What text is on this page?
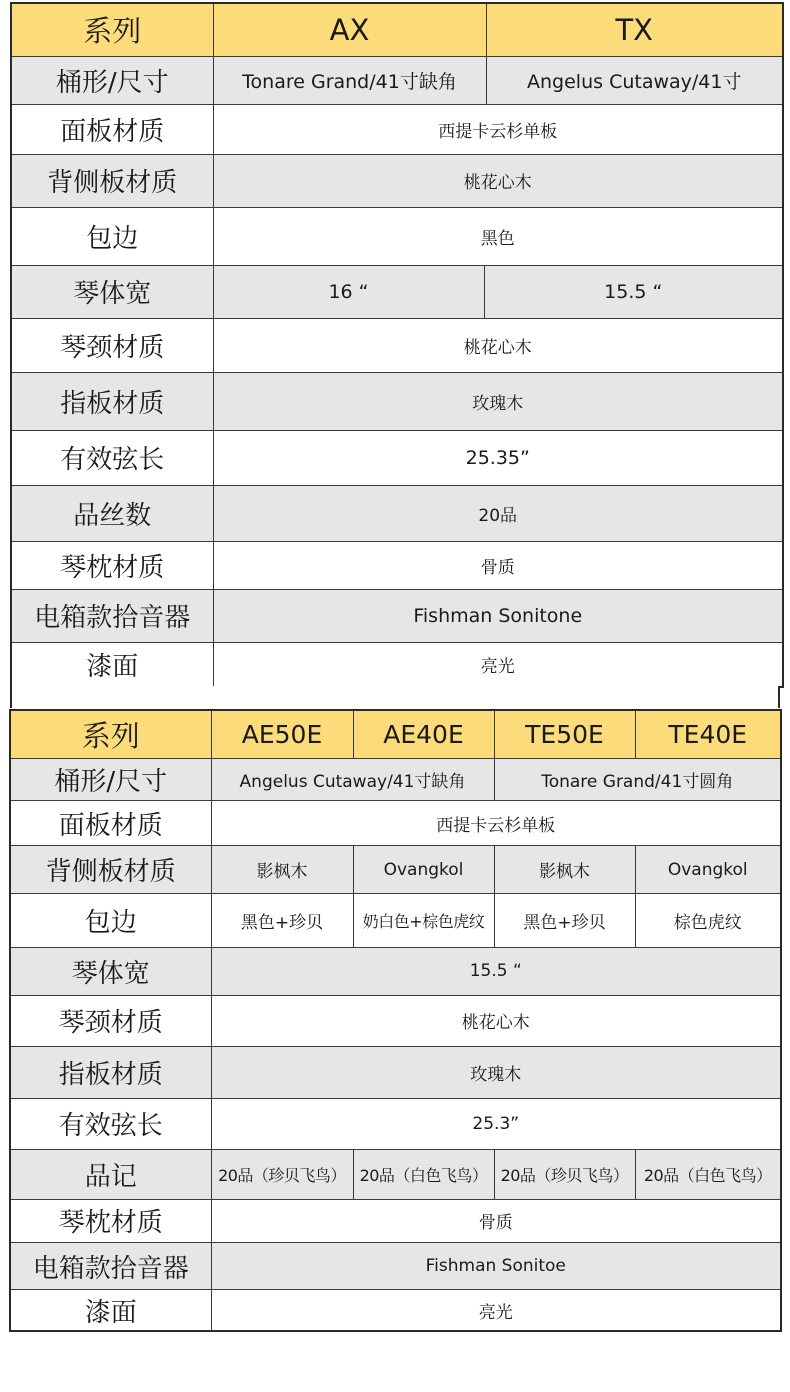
系列	AX		TX
桶形/尺寸	Tonare Grand/41寸缺角		Angelus Cutaway/41寸
面板材质	西提卡云杉单板		
背侧板材质	桃花心木		
包边	黑色		
琴体宽	16 “	15.5 “	
琴颈材质	桃花心木		
指板材质	玫瑰木		
有效弦长	25.35”		
品丝数	20品		
琴枕材质	骨质		
电箱款拾音器	Fishman Sonitone		
漆面	亮光		
系列	AE50E	AE40E	TE50E	TE40E
桶形/尺寸	Angelus Cutaway/41寸缺角		Tonare Grand/41寸圆角	
面板材质	西提卡云杉单板			
背侧板材质	影枫木	Ovangkol	影枫木	Ovangkol
包边	黑色+珍贝	奶白色+棕色虎纹	黑色+珍贝	棕色虎纹
琴体宽	15.5 “			
琴颈材质	桃花心木			
指板材质	玫瑰木			
有效弦长	25.3”			
品记	20品（珍贝飞鸟）	20品（白色飞鸟）	20品（珍贝飞鸟）	20品（白色飞鸟）
琴枕材质	骨质			
电箱款拾音器	Fishman Sonitoe			
漆面	亮光			
